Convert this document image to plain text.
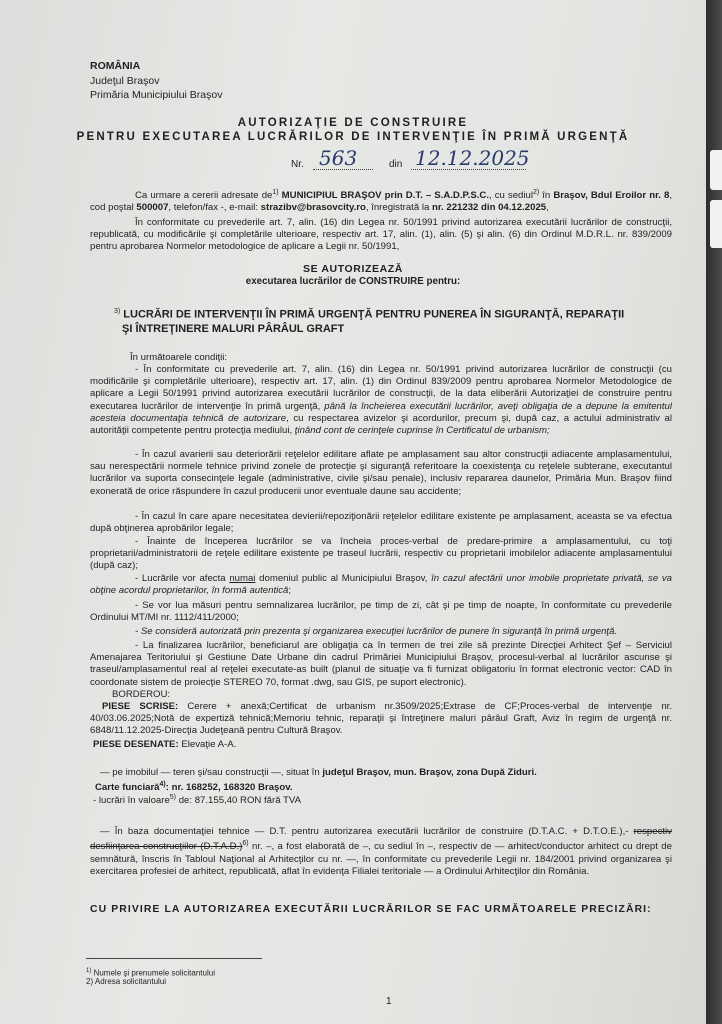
ROMÂNIA
Judeţul Braşov
Primăria Municipiului Braşov
AUTORIZAŢIE DE CONSTRUIRE
PENTRU EXECUTAREA LUCRĂRILOR DE INTERVENŢIE ÎN PRIMĂ URGENŢĂ
Nr. 563	din 12.12.2025
Ca urmare a cererii adresate $de^{1)}$ MUNICIPIUL BRAŞOV prin D.T. – S.A.D.P.S.C., cu sediul$^{2)}$ în Braşov, Bdul Eroilor nr. 8, cod poştal 500007, telefon/fax -, e-mail: strazibv@brasovcity.ro, înregistrată la nr. 221232 din 04.12.2025,
În conformitate cu prevederile art. 7, alin. (16) din Legea nr. 50/1991 privind autorizarea executării lucrărilor de construcţii, republicată, cu modificările şi completările ulterioare, respectiv art. 17, alin. (1), alin. (5) şi alin. (6) din Ordinul M.D.R.L. nr. 839/2009 pentru aprobarea Normelor metodologice de aplicare a Legii nr. 50/1991,
SE AUTORIZEAZĂ
executarea lucrărilor de CONSTRUIRE pentru:
$^{3)}$ LUCRĂRI DE INTERVENŢII ÎN PRIMĂ URGENŢĂ PENTRU PUNEREA ÎN SIGURANŢĂ, REPARAŢII
ŞI ÎNTREŢINERE MALURI PÂRÂUL GRAFT
În următoarele condiţii:
- În conformitate cu prevederile art. 7, alin. (16) din Legea nr. 50/1991 privind autorizarea lucrărilor de construcţii (cu modificările şi completările ulterioare), respectiv art. 17, alin. (1) din Ordinul 839/2009 pentru aprobarea Normelor Metodologice de aplicare a Legii 50/1991 privind autorizarea executării lucrărilor de construcţii, de la data eliberării Autorizaţiei de construire pentru executarea lucrărilor de intervenţie în primă urgenţă, până la încheierea executării lucrărilor, aveţi obligaţia de a depune la emitentul acesteia documentaţia tehnică de autorizare, cu respectarea avizelor şi acordurilor, precum şi, după caz, a actului administrativ al autorităţii competente pentru protecţia mediului, ţinând cont de cerinţele cuprinse în Certificatul de urbanism;
- În cazul avarierii sau deteriorării reţelelor edilitare aflate pe amplasament sau altor construcţii adiacente amplasamentului, sau nerespectării normele tehnice privind zonele de protecţie şi siguranţă referitoare la coexistenţa cu reţelele subterane, executantul lucrărilor va suporta consecinţele legale (administrative, civile şi/sau penale), inclusiv repararea daunelor, Primăria Mun. Braşov fiind exonerată de orice răspundere în cazul producerii unor eventuale daune sau accidente;
- În cazul în care apare necesitatea devierii/repoziţionării reţelelor edilitare existente pe amplasament, aceasta se va efectua după obţinerea aprobărilor legale;
- Înainte de începerea lucrărilor se va încheia proces-verbal de predare-primire a amplasamentului, cu toţi proprietarii/administratorii de reţele edilitare existente pe traseul lucrării, respectiv cu proprietarii imobilelor adiacente amplasamentului (după caz);
- Lucrările vor afecta numai domeniul public al Municipiului Braşov, în cazul afectării unor imobile proprietate privată, se va obţine acordul proprietarilor, în formă autentică;
- Se vor lua măsuri pentru semnalizarea lucrărilor, pe timp de zi, cât şi pe timp de noapte, în conformitate cu prevederile Ordinului MT/MI nr. 1112/411/2000;
- Se consideră autorizată prin prezenta şi organizarea execuţiei lucrărilor de punere în siguranţă în primă urgenţă.
- La finalizarea lucrărilor, beneficiarul are obligaţia ca în termen de trei zile să prezinte Direcţiei Arhitect Şef – Serviciul Amenajarea Teritoriului şi Gestiune Date Urbane din cadrul Primăriei Municipiului Braşov, procesul-verbal al lucrărilor ascunse şi traseul/amplasamentul real al reţelei executate-as built (planul de situaţie va fi furnizat obligatoriu în format electronic vector: CAD în coordonate sistem de proiecţie STEREO 70, format .dwg, sau GIS, pe suport electronic).
BORDEROU:
PIESE SCRISE: Cerere + anexă;Certificat de urbanism nr.3509/2025;Extrase de CF;Proces-verbal de intervenţie nr. 40/03.06.2025;Notă de expertiză tehnică;Memoriu tehnic, reparaţii şi întreţinere maluri pârâul Graft, Aviz în regim de urgenţă nr. 6848/11.12.2025-Direcţia Judeţeană pentru Cultură Braşov.
PIESE DESENATE: Elevaţie A-A.
— pe imobilul — teren şi/sau construcţii —, situat în judeţul Braşov, mun. Braşov, zona După Ziduri.
Carte funciară$^{4)}$: nr. 168252, 168320 Braşov.
- lucrări în valoare$^{5)}$ de: 87.155,40 RON fără TVA
— În baza documentaţiei tehnice — D.T. pentru autorizarea executării lucrărilor de construire (D.T.A.C. + D.T.O.E.),- respectiv desfiinţarea construcţiilor $(D.T.A.D.)^{6)}$ nr. –, a fost elaborată de –, cu sediul în –, respectiv de — arhitect/conductor arhitect cu drept de semnătură, înscris în Tabloul Naţional al Arhitecţilor cu nr. —, în conformitate cu prevederile Legii nr. 184/2001 privind organizarea şi exercitarea profesiei de arhitect, republicată, aflat în evidenţa Filialei teritoriale — a Ordinului Arhitecţilor din România.
CU PRIVIRE LA AUTORIZAREA EXECUTĂRII LUCRĂRILOR SE FAC URMĂTOARELE PRECIZĂRI:
$^{1)}$ Numele şi prenumele solicitantului
2) Adresa solicitantului
1
